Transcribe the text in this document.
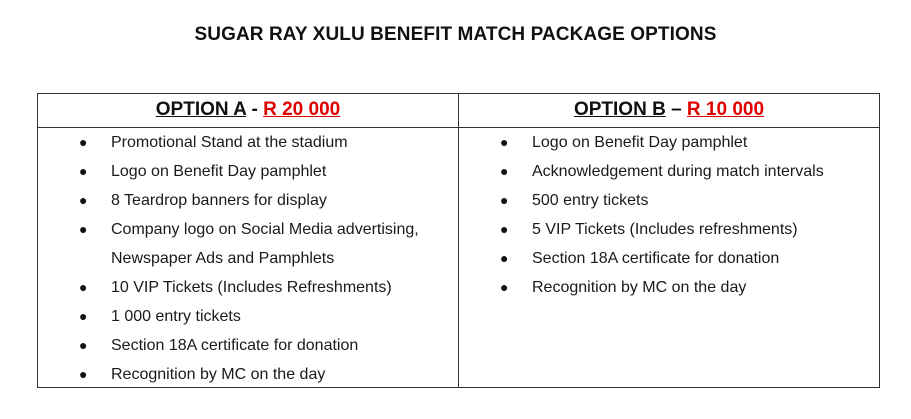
SUGAR RAY XULU BENEFIT MATCH PACKAGE OPTIONS
OPTION A - R 20 000
● Promotional Stand at the stadium
● Logo on Benefit Day pamphlet
● 8 Teardrop banners for display
● Company logo on Social Media advertising,
Newspaper Ads and Pamphlets
● 10 VIP Tickets (Includes Refreshments)
● 1 000 entry tickets
● Section 18A certificate for donation
● Recognition by MC on the day
OPTION B – R 10 000
● Logo on Benefit Day pamphlet
● Acknowledgement during match intervals
● 500 entry tickets
● 5 VIP Tickets (Includes refreshments)
● Section 18A certificate for donation
● Recognition by MC on the day
